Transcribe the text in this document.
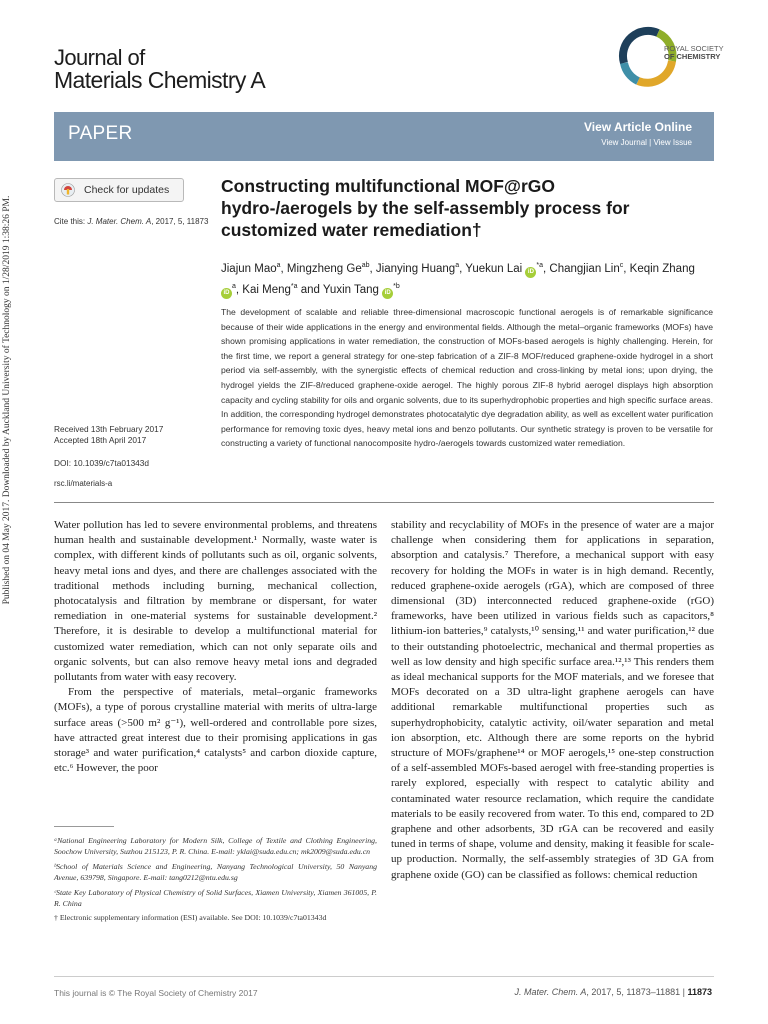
Published on 04 May 2017. Downloaded by Auckland University of Technology on 1/28/2019 1:38:26 PM.
Journal of
Materials Chemistry A
ROYAL SOCIETY
OF CHEMISTRY
PAPER	View Article Online
View Journal | View Issue
Check for updates
Cite this: J. Mater. Chem. A, 2017, 5, 11873
Constructing multifunctional MOF@rGO hydro-/aerogels by the self-assembly process for customized water remediation†
Jiajun Mao$^a$, Mingzheng $Ge^{ab}$, Jianying Huang$^a$, Yuekun Lai $iD^{*a}$, Changjian Lin$^c$, Keqin Zhang $iD^a$, Kai Meng$^{*a}$ and Yuxin Tang $iD^{*b}$
The development of scalable and reliable three-dimensional macroscopic functional aerogels is of remarkable significance because of their wide applications in the energy and environmental fields. Although the metal–organic frameworks (MOFs) have shown promising applications in water remediation, the construction of MOFs-based aerogels is highly challenging. Herein, for the first time, we report a general strategy for one-step fabrication of a ZIF-8 MOF/reduced graphene-oxide hydrogel in a short period via self-assembly, with the synergistic effects of chemical reduction and cross-linking by metal ions; upon drying, the hydrogel yields the ZIF-8/reduced graphene-oxide aerogel. The highly porous ZIF-8 hybrid aerogel displays high absorption capacity and cycling stability for oils and organic solvents, due to its superhydrophobic properties and high specific surface areas. In addition, the corresponding hydrogel demonstrates photocatalytic dye degradation ability, as well as excellent water purification performance for removing toxic dyes, heavy metal ions and benzo pollutants. Our synthetic strategy is proven to be versatile for constructing a variety of functional nanocomposite hydro-/aerogels towards customized water remediation.
Received 13th February 2017
Accepted 18th April 2017
DOI: 10.1039/c7ta01343d
rsc.li/materials-a

Water pollution has led to severe environmental problems, and threatens human health and sustainable development.¹ Normally, waste water is complex, with different kinds of pollutants such as oil, organic solvents, heavy metal ions and dyes, and there are challenges associated with the traditional methods including burning, mechanical collection, photocatalysis and filtration by membrane or dispersant, for water remediation in one-material systems for sustainable development.² Therefore, it is desirable to develop a multifunctional material for customized water remediation, which can not only separate oils and organic solvents, but can also remove heavy metal ions and degraded pollutants from water with easy recovery.

From the perspective of materials, metal–organic frameworks (MOFs), a type of porous crystalline material with merits of ultra-large surface areas (>500 m² g⁻¹), well-ordered and controllable pore sizes, have attracted great interest due to their promising applications in gas storage³ and water purification,⁴ catalysts⁵ and carbon dioxide capture, etc.⁶ However, the poor

stability and recyclability of MOFs in the presence of water are a major challenge when considering them for applications in separation, absorption and catalysis.⁷ Therefore, a mechanical support with easy recovery for holding the MOFs in water is in high demand. Recently, reduced graphene-oxide aerogels (rGA), which are composed of three dimensional (3D) interconnected reduced graphene-oxide (rGO) frameworks, have been utilized in various fields such as capacitors,⁸ lithium-ion batteries,⁹ catalysts,¹⁰ sensing,¹¹ and water purification,¹² due to their outstanding photoelectric, mechanical and thermal properties as well as low density and high specific surface area.¹²,¹³ This renders them as ideal mechanical supports for the MOF materials, and we foresee that MOFs decorated on a 3D ultra-light graphene aerogels can have additional remarkable multifunctional properties such as superhydrophobicity, catalytic activity, oil/water separation and metal ion absorption, etc. Although there are some reports on the hybrid structure of MOFs/graphene¹⁴ or MOF aerogels,¹⁵ one-step construction of a self-assembled MOFs-based aerogel with free-standing properties is rarely explored, especially with respect to catalytic ability and contaminated water resource reclamation, which require the candidate materials to be easily recovered from water. To this end, compared to 2D graphene and other adsorbents, 3D rGA can be recovered and easily tuned in terms of shape, volume and density, making it feasible for scale-up production. Normally, the self-assembly strategies of 3D GA from graphene oxide (GO) can be classified as follows: chemical reduction

ᵃNational Engineering Laboratory for Modern Silk, College of Textile and Clothing Engineering, Soochow University, Suzhou 215123, P. R. China. E-mail: yklai@suda.edu.cn; mk2009@suda.edu.cn
ᵇSchool of Materials Science and Engineering, Nanyang Technological University, 50 Nanyang Avenue, 639798, Singapore. E-mail: tang0212@ntu.edu.sg
ᶜState Key Laboratory of Physical Chemistry of Solid Surfaces, Xiamen University, Xiamen 361005, P. R. China
† Electronic supplementary information (ESI) available. See DOI: 10.1039/c7ta01343d
This journal is © The Royal Society of Chemistry 2017	J. Mater. Chem. A, 2017, 5, 11873–11881 | 11873
